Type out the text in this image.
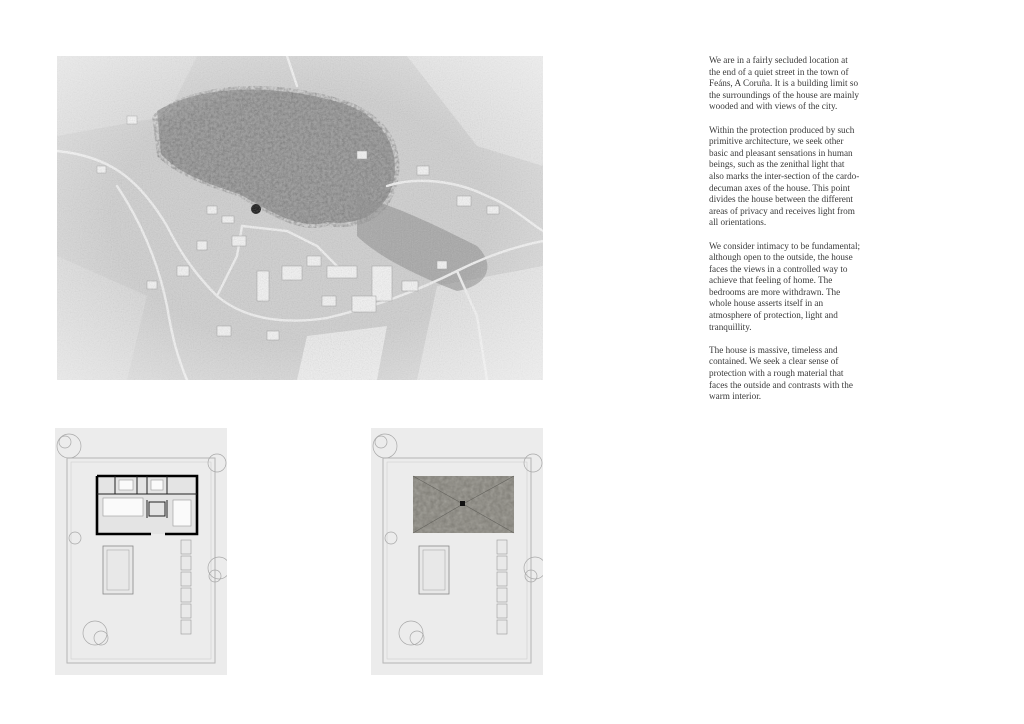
We are in a fairly secluded location at the end of a quiet street in the town of Feáns, A Coruña. It is a building limit so the surroundings of the house are mainly wooded and with views of the city.

Within the protection produced by such primitive architecture, we seek other basic and pleasant sensations in human beings, such as the zenithal light that also marks the inter-section of the cardo-decuman axes of the house. This point divides the house between the different areas of privacy and receives light from all orientations.

We consider intimacy to be fundamental; although open to the outside, the house faces the views in a controlled way to achieve that feeling of home. The bedrooms are more withdrawn. The whole house asserts itself in an atmosphere of protection, light and tranquillity.

The house is massive, timeless and contained. We seek a clear sense of protection with a rough material that faces the outside and contrasts with the warm interior.
